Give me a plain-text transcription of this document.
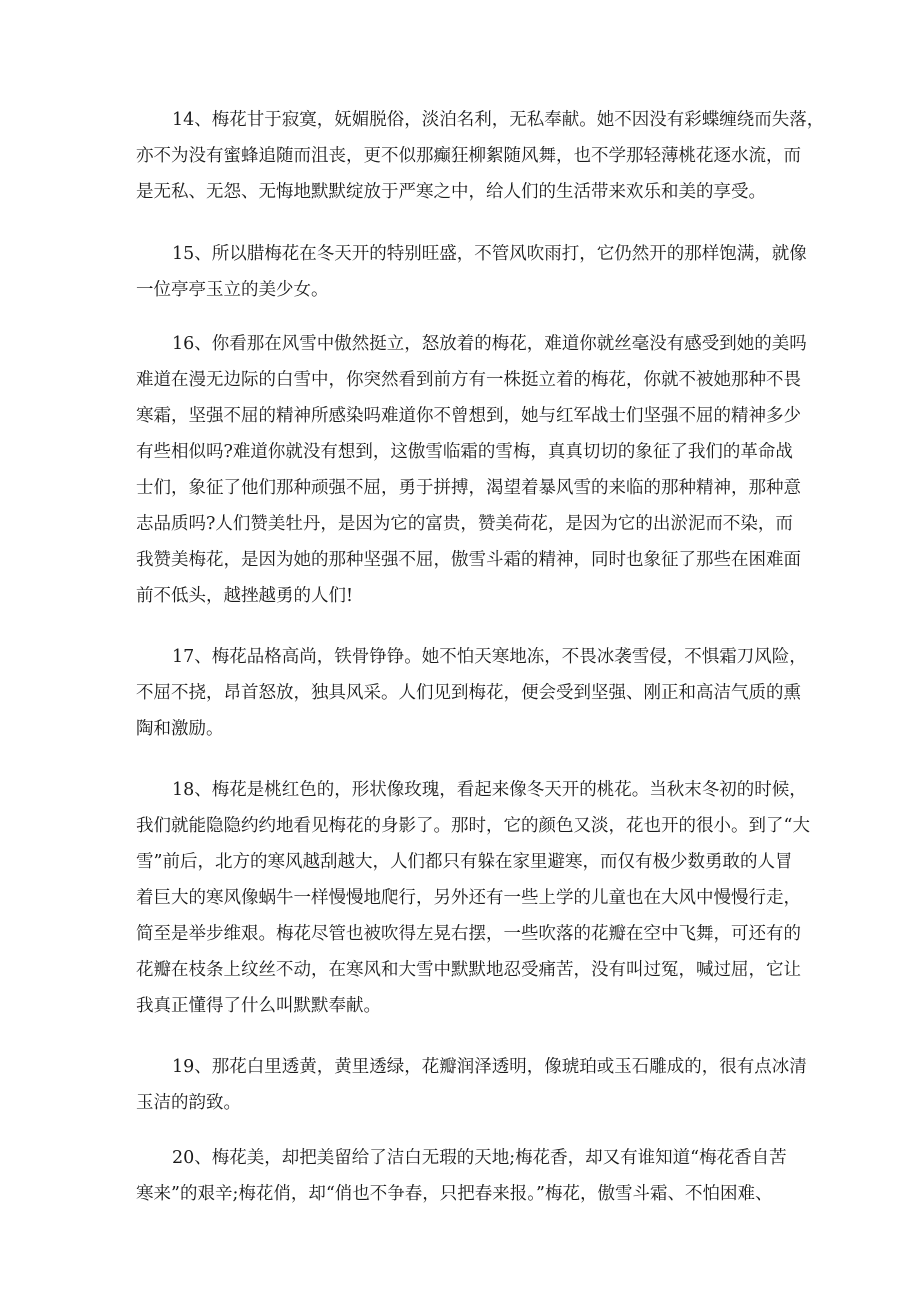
14、梅花甘于寂寞，妩媚脱俗，淡泊名利，无私奉献。她不因没有彩蝶缠绕而失落，
亦不为没有蜜蜂追随而沮丧，更不似那癫狂柳絮随风舞，也不学那轻薄桃花逐水流，而
是无私、无怨、无悔地默默绽放于严寒之中，给人们的生活带来欢乐和美的享受。

15、所以腊梅花在冬天开的特别旺盛，不管风吹雨打，它仍然开的那样饱满，就像
一位亭亭玉立的美少女。

16、你看那在风雪中傲然挺立，怒放着的梅花，难道你就丝毫没有感受到她的美吗
难道在漫无边际的白雪中，你突然看到前方有一株挺立着的梅花，你就不被她那种不畏
寒霜，坚强不屈的精神所感染吗难道你不曾想到，她与红军战士们坚强不屈的精神多少
有些相似吗?难道你就没有想到，这傲雪临霜的雪梅，真真切切的象征了我们的革命战
士们，象征了他们那种顽强不屈，勇于拼搏，渴望着暴风雪的来临的那种精神，那种意
志品质吗?人们赞美牡丹，是因为它的富贵，赞美荷花，是因为它的出淤泥而不染，而
我赞美梅花，是因为她的那种坚强不屈，傲雪斗霜的精神，同时也象征了那些在困难面
前不低头，越挫越勇的人们!

17、梅花品格高尚，铁骨铮铮。她不怕天寒地冻，不畏冰袭雪侵，不惧霜刀风险，
不屈不挠，昂首怒放，独具风采。人们见到梅花，便会受到坚强、刚正和高洁气质的熏
陶和激励。

18、梅花是桃红色的，形状像玫瑰，看起来像冬天开的桃花。当秋末冬初的时候，
我们就能隐隐约约地看见梅花的身影了。那时，它的颜色又淡，花也开的很小。到了“大
雪”前后，北方的寒风越刮越大，人们都只有躲在家里避寒，而仅有极少数勇敢的人冒
着巨大的寒风像蜗牛一样慢慢地爬行，另外还有一些上学的儿童也在大风中慢慢行走，
简至是举步维艰。梅花尽管也被吹得左晃右摆，一些吹落的花瓣在空中飞舞，可还有的
花瓣在枝条上纹丝不动，在寒风和大雪中默默地忍受痛苦，没有叫过冤，喊过屈，它让
我真正懂得了什么叫默默奉献。

19、那花白里透黄，黄里透绿，花瓣润泽透明，像琥珀或玉石雕成的，很有点冰清
玉洁的韵致。

20、梅花美，却把美留给了洁白无瑕的天地;梅花香，却又有谁知道“梅花香自苦
寒来”的艰辛;梅花俏，却“俏也不争春，只把春来报。”梅花，傲雪斗霜、不怕困难、
